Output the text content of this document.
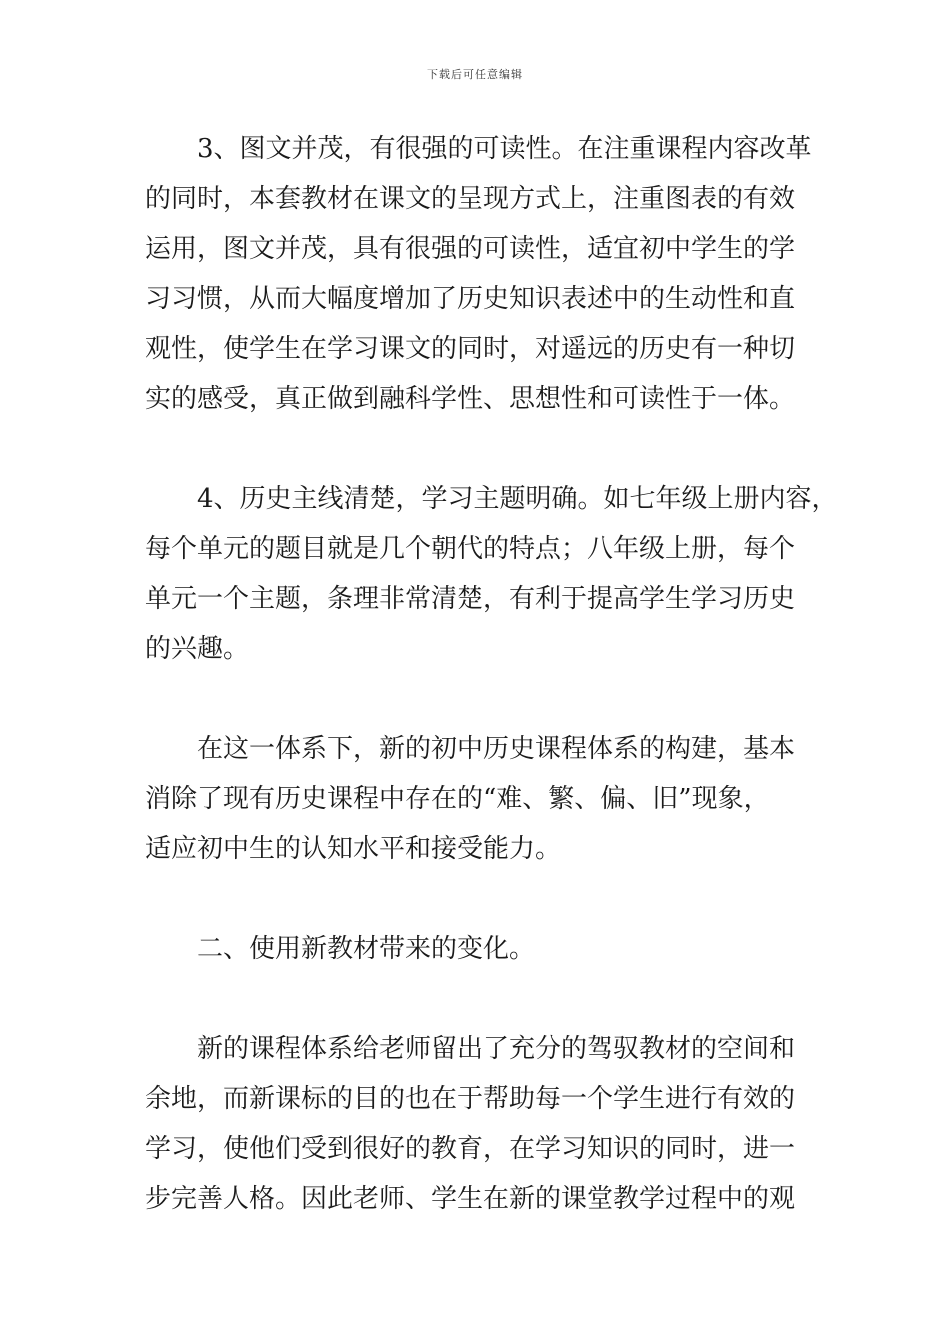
下载后可任意编辑
3、图文并茂，有很强的可读性。在注重课程内容改革
的同时，本套教材在课文的呈现方式上，注重图表的有效
运用，图文并茂，具有很强的可读性，适宜初中学生的学
习习惯，从而大幅度增加了历史知识表述中的生动性和直
观性，使学生在学习课文的同时，对遥远的历史有一种切
实的感受，真正做到融科学性、思想性和可读性于一体。
4、历史主线清楚，学习主题明确。如七年级上册内容，
每个单元的题目就是几个朝代的特点；八年级上册，每个
单元一个主题，条理非常清楚，有利于提高学生学习历史
的兴趣。
在这一体系下，新的初中历史课程体系的构建，基本
消除了现有历史课程中存在的“难、繁、偏、旧”现象，
适应初中生的认知水平和接受能力。
二、使用新教材带来的变化。
新的课程体系给老师留出了充分的驾驭教材的空间和
余地，而新课标的目的也在于帮助每一个学生进行有效的
学习，使他们受到很好的教育，在学习知识的同时，进一
步完善人格。因此老师、学生在新的课堂教学过程中的观
